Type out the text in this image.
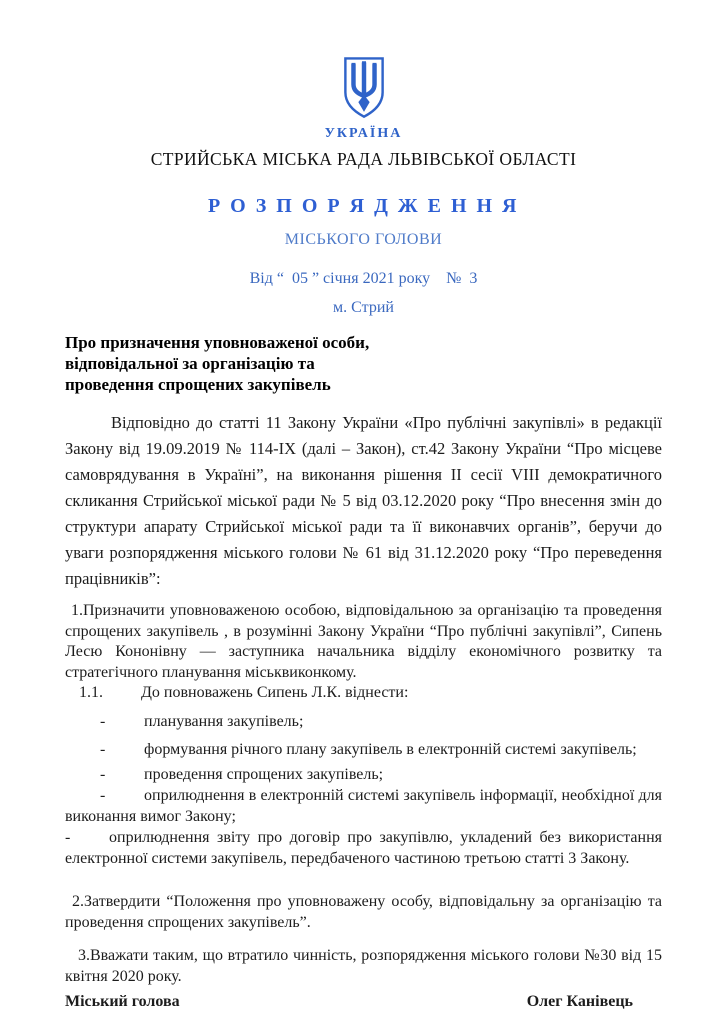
УКРАЇНА
СТРИЙСЬКА МІСЬКА РАДА ЛЬВІВСЬКОЇ ОБЛАСТІ
Р О З П О Р Я Д Ж Е Н Н Я
МІСЬКОГО ГОЛОВИ
Від “  05 ” січня 2021 року    №  3
м. Стрий
Про призначення уповноваженої особи,
відповідальної за організацію та
проведення спрощених закупівель

Відповідно до статті 11 Закону України «Про публічні закупівлі» в редакції Закону від 19.09.2019 № 114-ІХ (далі – Закон), ст.42 Закону України “Про місцеве самоврядування в Україні”, на виконання рішення ІІ сесії VIII демократичного скликання Стрийської міської ради № 5 від 03.12.2020 року “Про внесення змін до структури апарату Стрийської міської ради та її виконавчих органів”, беручи до уваги розпорядження міського голови № 61 від 31.12.2020 року “Про переведення працівників”:

1.Призначити уповноваженою особою, відповідальною за організацію та проведення спрощених закупівель , в розумінні Закону України “Про публічні закупівлі”, Сипень Лесю Кононівну — заступника начальника відділу економічного розвитку та стратегічного планування міськвиконкому.

1.1. До повноважень Сипень Л.К. віднести:

- планування закупівель;

- формування річного плану закупівель в електронній системі закупівель;

- проведення спрощених закупівель;

- оприлюднення в електронній системі закупівель інформації, необхідної для виконання вимог Закону;

- оприлюднення звіту про договір про закупівлю, укладений без використання електронної системи закупівель, передбаченого частиною третьою статті 3 Закону.

2.Затвердити “Положення про уповноважену особу, відповідальну за організацію та проведення спрощених закупівель”.

3.Вважати таким, що втратило чинність, розпорядження міського голови №30 від 15 квітня 2020 року.

Міський голова	Олег Канівець
